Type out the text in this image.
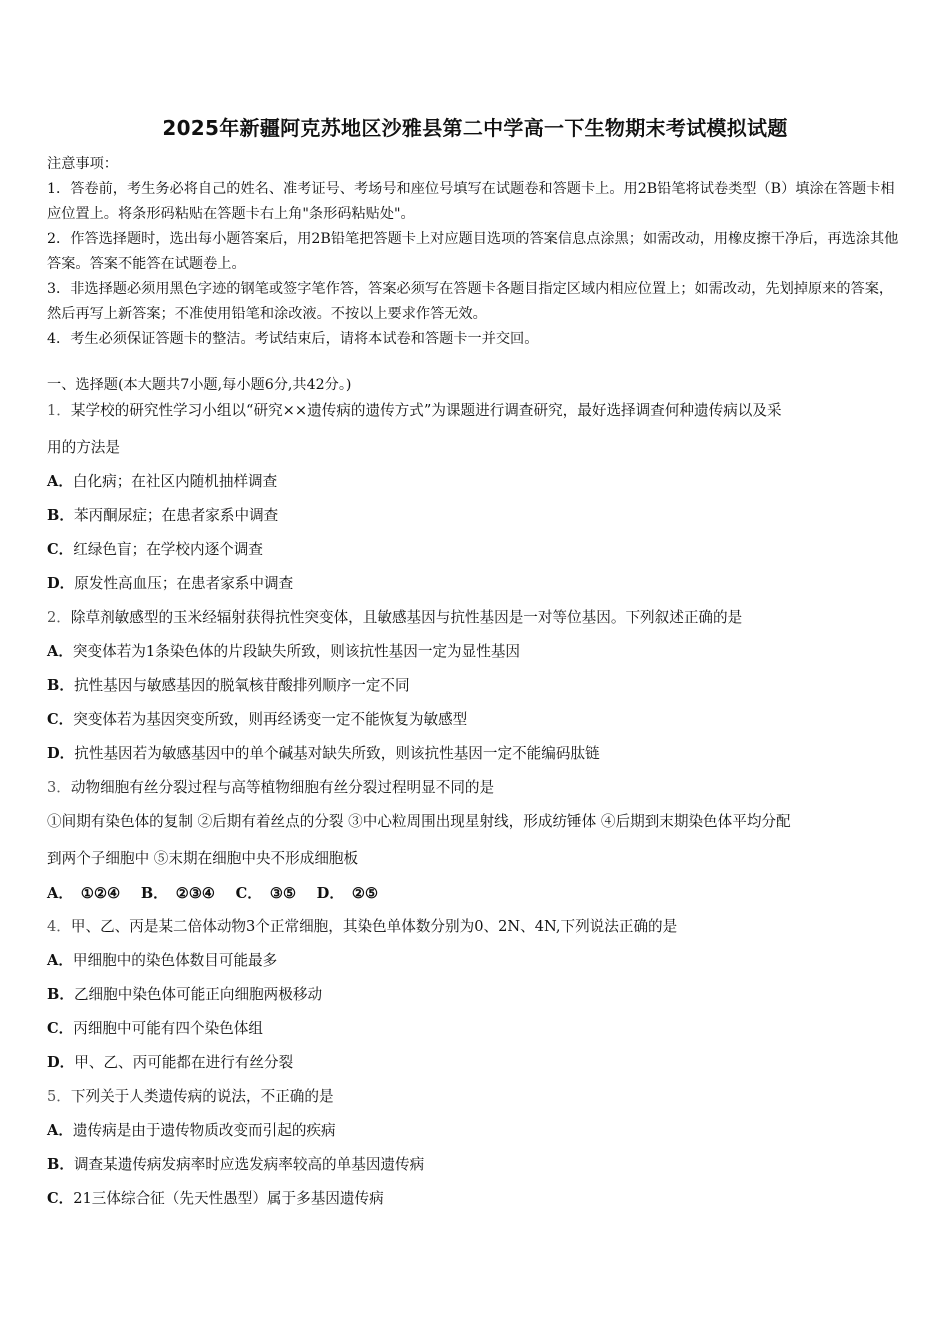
2025年新疆阿克苏地区沙雅县第二中学高一下生物期末考试模拟试题

注意事项：

1．答卷前，考生务必将自己的姓名、准考证号、考场号和座位号填写在试题卷和答题卡上。用2B铅笔将试卷类型（B）填涂在答题卡相应位置上。将条形码粘贴在答题卡右上角"条形码粘贴处"。

2．作答选择题时，选出每小题答案后，用2B铅笔把答题卡上对应题目选项的答案信息点涂黑；如需改动，用橡皮擦干净后，再选涂其他答案。答案不能答在试题卷上。

3．非选择题必须用黑色字迹的钢笔或签字笔作答，答案必须写在答题卡各题目指定区域内相应位置上；如需改动，先划掉原来的答案，然后再写上新答案；不准使用铅笔和涂改液。不按以上要求作答无效。

4．考生必须保证答题卡的整洁。考试结束后，请将本试卷和答题卡一并交回。

一、选择题(本大题共7小题,每小题6分,共42分。)
1．某学校的研究性学习小组以“研究××遗传病的遗传方式”为课题进行调查研究，最好选择调查何种遗传病以及采
用的方法是
A．白化病；在社区内随机抽样调查
B．苯丙酮尿症；在患者家系中调查
C．红绿色盲；在学校内逐个调查
D．原发性高血压；在患者家系中调查
2．除草剂敏感型的玉米经辐射获得抗性突变体，且敏感基因与抗性基因是一对等位基因。下列叙述正确的是
A．突变体若为1条染色体的片段缺失所致，则该抗性基因一定为显性基因
B．抗性基因与敏感基因的脱氧核苷酸排列顺序一定不同
C．突变体若为基因突变所致，则再经诱变一定不能恢复为敏感型
D．抗性基因若为敏感基因中的单个碱基对缺失所致，则该抗性基因一定不能编码肽链
3．动物细胞有丝分裂过程与高等植物细胞有丝分裂过程明显不同的是
①间期有染色体的复制 ②后期有着丝点的分裂 ③中心粒周围出现星射线，形成纺锤体 ④后期到末期染色体平均分配
到两个子细胞中 ⑤末期在细胞中央不形成细胞板
A． ①②④ B． ②③④ C． ③⑤ D． ②⑤
4．甲、乙、丙是某二倍体动物3个正常细胞，其染色单体数分别为0、2N、4N,下列说法正确的是
A．甲细胞中的染色体数目可能最多
B．乙细胞中染色体可能正向细胞两极移动
C．丙细胞中可能有四个染色体组
D．甲、乙、丙可能都在进行有丝分裂
5．下列关于人类遗传病的说法，不正确的是
A．遗传病是由于遗传物质改变而引起的疾病
B．调查某遗传病发病率时应选发病率较高的单基因遗传病
C．21三体综合征（先天性愚型）属于多基因遗传病
